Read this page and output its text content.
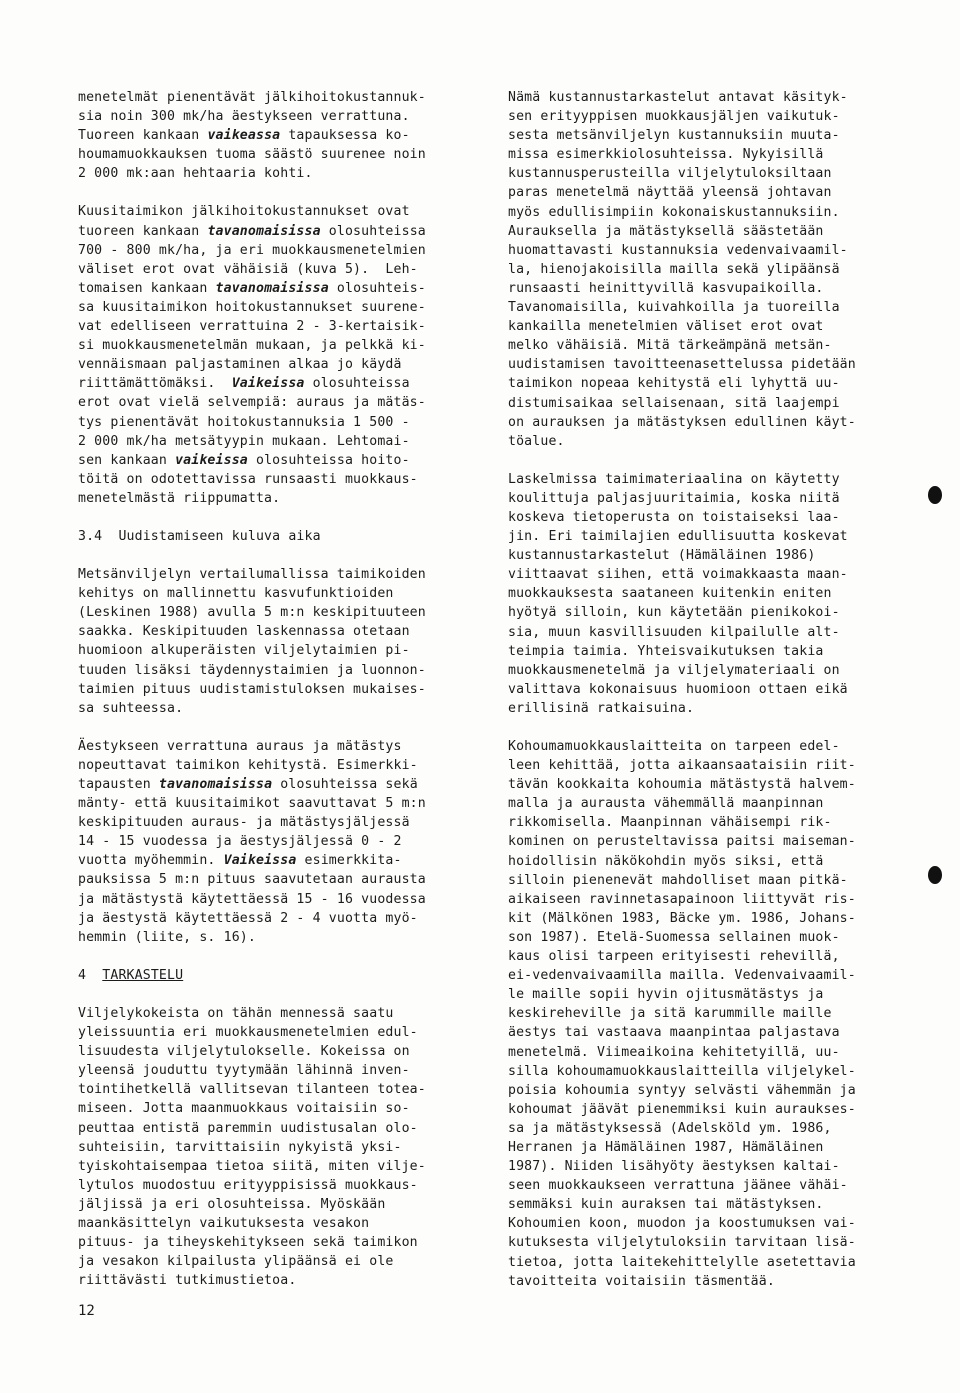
menetelmät pienentävät jälkihoitokustannuk-
sia noin 300 mk/ha äestykseen verrattuna.
Tuoreen kankaan vaikeassa tapauksessa ko-
houmamuokkauksen tuoma säästö suurenee noin
2 000 mk:aan hehtaaria kohti.
Kuusitaimikon jälkihoitokustannukset ovat
tuoreen kankaan tavanomaisissa olosuhteissa
700 - 800 mk/ha, ja eri muokkausmenetelmien
väliset erot ovat vähäisiä (kuva 5).  Leh-
tomaisen kankaan tavanomaisissa olosuhteis-
sa kuusitaimikon hoitokustannukset suurene-
vat edelliseen verrattuina 2 - 3-kertaisik-
si muokkausmenetelmän mukaan, ja pelkkä ki-
vennäismaan paljastaminen alkaa jo käydä
riittämättömäksi.  Vaikeissa olosuhteissa
erot ovat vielä selvempiä: auraus ja mätäs-
tys pienentävät hoitokustannuksia 1 500 -
2 000 mk/ha metsätyypin mukaan. Lehtomai-
sen kankaan vaikeissa olosuhteissa hoito-
töitä on odotettavissa runsaasti muokkaus-
menetelmästä riippumatta.
3.4  Uudistamiseen kuluva aika
Metsänviljelyn vertailumallissa taimikoiden
kehitys on mallinnettu kasvufunktioiden
(Leskinen 1988) avulla 5 m:n keskipituuteen
saakka. Keskipituuden laskennassa otetaan
huomioon alkuperäisten viljelytaimien pi-
tuuden lisäksi täydennystaimien ja luonnon-
taimien pituus uudistamistuloksen mukaises-
sa suhteessa.
Äestykseen verrattuna auraus ja mätästys
nopeuttavat taimikon kehitystä. Esimerkki-
tapausten tavanomaisissa olosuhteissa sekä
mänty- että kuusitaimikot saavuttavat 5 m:n
keskipituuden auraus- ja mätästysjäljessä
14 - 15 vuodessa ja äestysjäljessä 0 - 2
vuotta myöhemmin. Vaikeissa esimerkkita-
pauksissa 5 m:n pituus saavutetaan aurausta
ja mätästystä käytettäessä 15 - 16 vuodessa
ja äestystä käytettäessä 2 - 4 vuotta myö-
hemmin (liite, s. 16).
4  TARKASTELU
Viljelykokeista on tähän mennessä saatu
yleissuuntia eri muokkausmenetelmien edul-
lisuudesta viljelytulokselle. Kokeissa on
yleensä jouduttu tyytymään lähinnä inven-
tointihetkellä vallitsevan tilanteen totea-
miseen. Jotta maanmuokkaus voitaisiin so-
peuttaa entistä paremmin uudistusalan olo-
suhteisiin, tarvittaisiin nykyistä yksi-
tyiskohtaisempaa tietoa siitä, miten vilje-
lytulos muodostuu erityyppisissä muokkaus-
jäljissä ja eri olosuhteissa. Myöskään
maankäsittelyn vaikutuksesta vesakon
pituus- ja tiheyskehitykseen sekä taimikon
ja vesakon kilpailusta ylipäänsä ei ole
riittävästi tutkimustietoa.
Nämä kustannustarkastelut antavat käsityk-
sen erityyppisen muokkausjäljen vaikutuk-
sesta metsänviljelyn kustannuksiin muuta-
missa esimerkkiolosuhteissa. Nykyisillä
kustannusperusteilla viljelytuloksiltaan
paras menetelmä näyttää yleensä johtavan
myös edullisimpiin kokonaiskustannuksiin.
Aurauksella ja mätästyksellä säästetään
huomattavasti kustannuksia vedenvaivaamil-
la, hienojakoisilla mailla sekä ylipäänsä
runsaasti heinittyvillä kasvupaikoilla.
Tavanomaisilla, kuivahkoilla ja tuoreilla
kankailla menetelmien väliset erot ovat
melko vähäisiä. Mitä tärkeämpänä metsän-
uudistamisen tavoitteenasettelussa pidetään
taimikon nopeaa kehitystä eli lyhyttä uu-
distumisaikaa sellaisenaan, sitä laajempi
on aurauksen ja mätästyksen edullinen käyt-
töalue.
Laskelmissa taimimateriaalina on käytetty
koulittuja paljasjuuritaimia, koska niitä
koskeva tietoperusta on toistaiseksi laa-
jin. Eri taimilajien edullisuutta koskevat
kustannustarkastelut (Hämäläinen 1986)
viittaavat siihen, että voimakkaasta maan-
muokkauksesta saataneen kuitenkin eniten
hyötyä silloin, kun käytetään pienikokoi-
sia, muun kasvillisuuden kilpailulle alt-
teimpia taimia. Yhteisvaikutuksen takia
muokkausmenetelmä ja viljelymateriaali on
valittava kokonaisuus huomioon ottaen eikä
erillisinä ratkaisuina.
Kohoumamuokkauslaitteita on tarpeen edel-
leen kehittää, jotta aikaansaataisiin riit-
tävän kookkaita kohoumia mätästystä halvem-
malla ja aurausta vähemmällä maanpinnan
rikkomisella. Maanpinnan vähäisempi rik-
kominen on perusteltavissa paitsi maiseman-
hoidollisin näkökohdin myös siksi, että
silloin pienenevät mahdolliset maan pitkä-
aikaiseen ravinnetasapainoon liittyvät ris-
kit (Mälkönen 1983, Bäcke ym. 1986, Johans-
son 1987). Etelä-Suomessa sellainen muok-
kaus olisi tarpeen erityisesti rehevillä,
ei-vedenvaivaamilla mailla. Vedenvaivaamil-
le maille sopii hyvin ojitusmätästys ja
keskireheville ja sitä karummille maille
äestys tai vastaava maanpintaa paljastava
menetelmä. Viimeaikoina kehitetyillä, uu-
silla kohoumamuokkauslaitteilla viljelykel-
poisia kohoumia syntyy selvästi vähemmän ja
kohoumat jäävät pienemmiksi kuin auraukses-
sa ja mätästyksessä (Adelsköld ym. 1986,
Herranen ja Hämäläinen 1987, Hämäläinen
1987). Niiden lisähyöty äestyksen kaltai-
seen muokkaukseen verrattuna jäänee vähäi-
semmäksi kuin auraksen tai mätästyksen.
Kohoumien koon, muodon ja koostumuksen vai-
kutuksesta viljelytuloksiin tarvitaan lisä-
tietoa, jotta laitekehittelylle asetettavia
tavoitteita voitaisiin täsmentää.
12
